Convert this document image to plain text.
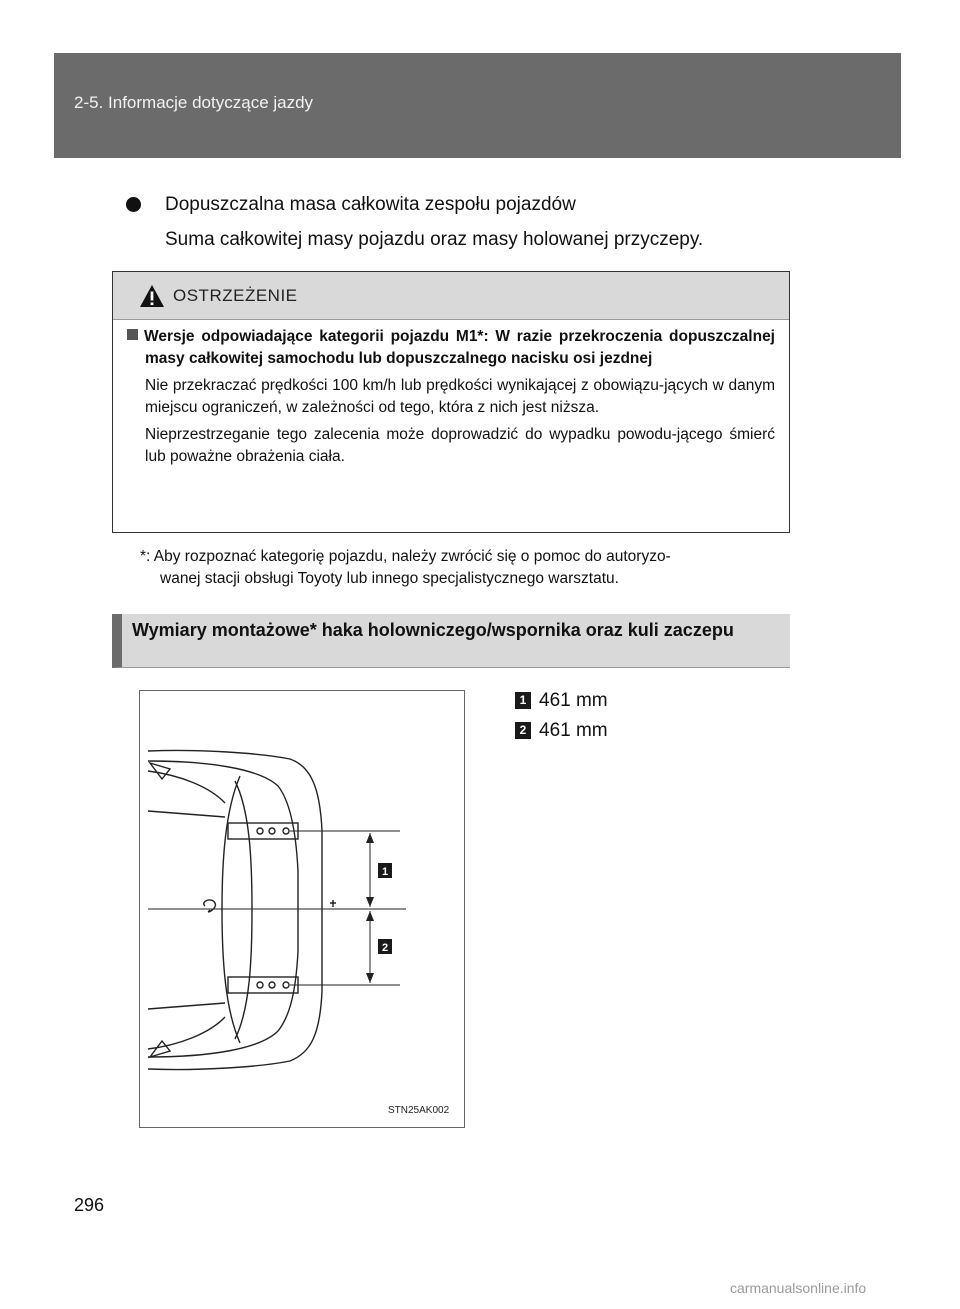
2-5. Informacje dotyczące jazdy
Dopuszczalna masa całkowita zespołu pojazdów
Suma całkowitej masy pojazdu oraz masy holowanej przyczepy.
OSTRZEŻENIE
Wersje odpowiadające kategorii pojazdu M1*: W razie przekroczenia dopuszczalnej masy całkowitej samochodu lub dopuszczalnego nacisku osi jezdnej
Nie przekraczać prędkości 100 km/h lub prędkości wynikającej z obowiązu-jących w danym miejscu ograniczeń, w zależności od tego, która z nich jest niższa.
Nieprzestrzeganie tego zalecenia może doprowadzić do wypadku powodu-jącego śmierć lub poważne obrażenia ciała.
*: Aby rozpoznać kategorię pojazdu, należy zwrócić się o pomoc do autoryzo-
wanej stacji obsługi Toyoty lub innego specjalistycznego warsztatu.
Wymiary montażowe* haka holowniczego/wspornika oraz kuli zaczepu
1
2
STN25AK002
1 461 mm
2 461 mm
296
carmanualsonline.info
